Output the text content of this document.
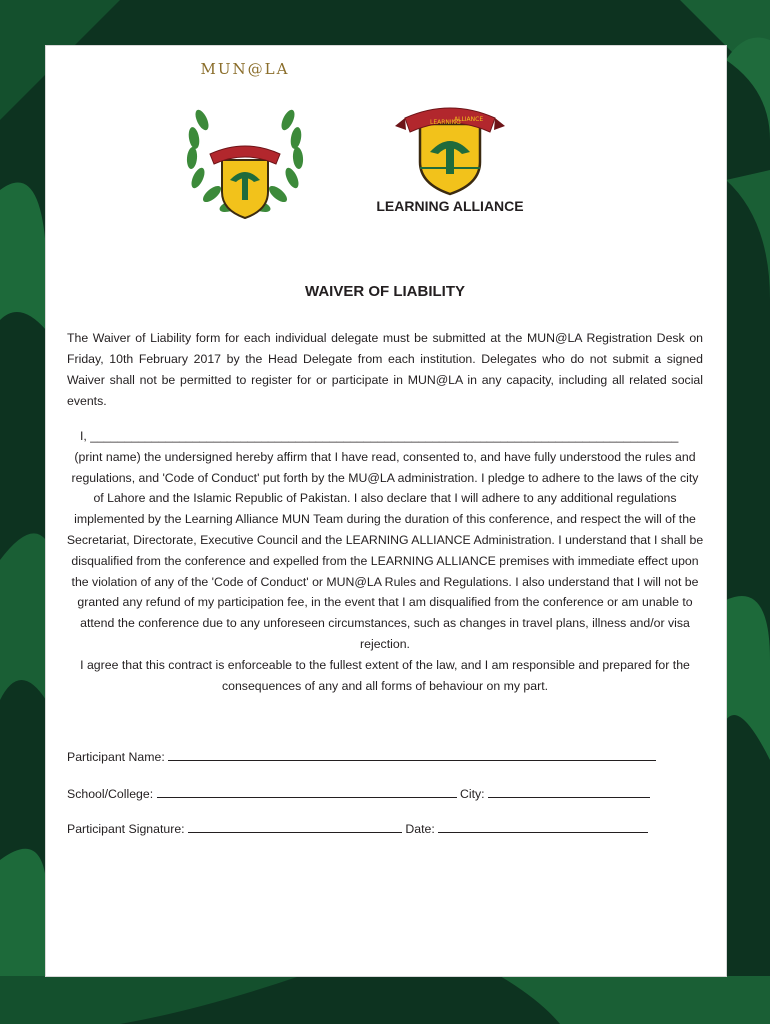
MUN@LA
LEARNING
ALLIANCE
LEARNING ALLIANCE
WAIVER OF LIABILITY
The Waiver of Liability form for each individual delegate must be submitted at the MUN@LA Registration Desk on Friday, 10th February 2017 by the Head Delegate from each institution. Delegates who do not submit a signed Waiver shall not be permitted to register for or participate in MUN@LA in any capacity, including all related social events.
I, ______________________________________________________________________________________
(print name) the undersigned hereby affirm that I have read, consented to, and have fully understood the rules and regulations, and 'Code of Conduct' put forth by the MU@LA administration. I pledge to adhere to the laws of the city of Lahore and the Islamic Republic of Pakistan. I also declare that I will adhere to any additional regulations implemented by the Learning Alliance MUN Team during the duration of this conference, and respect the will of the Secretariat, Directorate, Executive Council and the LEARNING ALLIANCE Administration. I understand that I shall be disqualified from the conference and expelled from the LEARNING ALLIANCE premises with immediate effect upon the violation of any of the 'Code of Conduct' or MUN@LA Rules and Regulations. I also understand that I will not be granted any refund of my participation fee, in the event that I am disqualified from the conference or am unable to attend the conference due to any unforeseen circumstances, such as changes in travel plans, illness and/or visa rejection.
I agree that this contract is enforceable to the fullest extent of the law, and I am responsible and prepared for the consequences of any and all forms of behaviour on my part.
Participant Name:
School/College:	City:
Participant Signature:	Date:
